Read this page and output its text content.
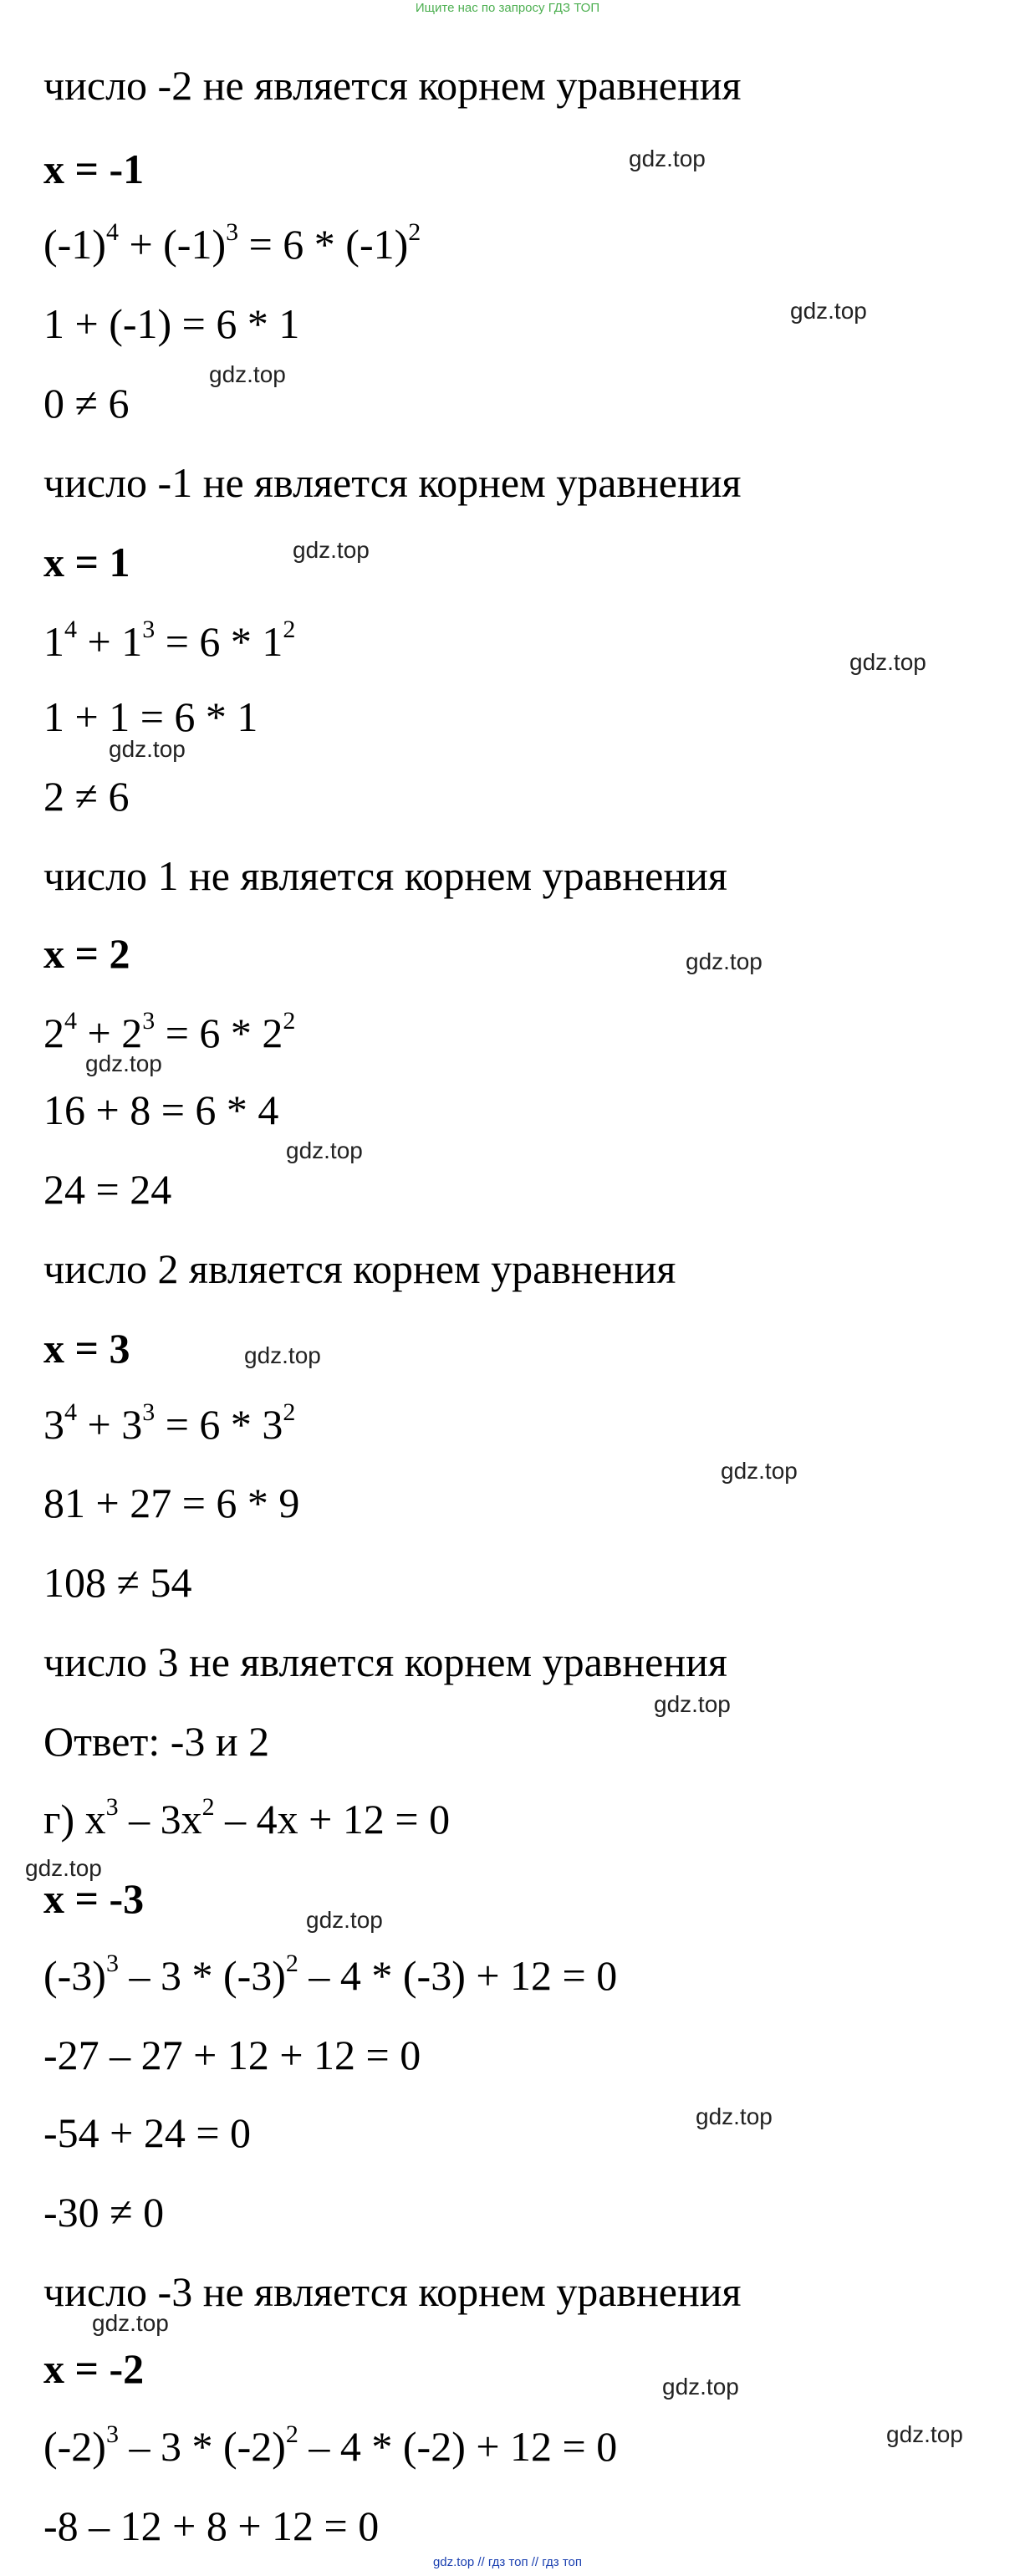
Ищите нас по запросу ГДЗ ТОП
число -2 не является корнем уравнения
x = -1
$(-1)^4 + (-1)^3 = 6 * (-1)^2$
1 + (-1) = 6 * 1
0 ≠ 6
число -1 не является корнем уравнения
x = 1
$1^4 + 1^3 = 6 * 1^2$
1 + 1 = 6 * 1
2 ≠ 6
число 1 не является корнем уравнения
x = 2
$2^4 + 2^3 = 6 * 2^2$
16 + 8 = 6 * 4
24 = 24
число 2 является корнем уравнения
x = 3
$3^4 + 3^3 = 6 * 3^2$
81 + 27 = 6 * 9
108 ≠ 54
число 3 не является корнем уравнения
Ответ: -3 и 2
г) $x^3 - 3x^2 - 4x + 12 = 0$
x = -3
$(-3)^3 - 3 * (-3)^2 - 4 * (-3) + 12 = 0$
-27 – 27 + 12 + 12 = 0
-54 + 24 = 0
-30 ≠ 0
число -3 не является корнем уравнения
x = -2
$(-2)^3 - 3 * (-2)^2 - 4 * (-2) + 12 = 0$
-8 – 12 + 8 + 12 = 0
gdz.top
gdz.top
gdz.top
gdz.top
gdz.top
gdz.top
gdz.top
gdz.top
gdz.top
gdz.top
gdz.top
gdz.top
gdz.top
gdz.top
gdz.top
gdz.top
gdz.top
gdz.top
gdz.top // гдз топ // гдз топ
